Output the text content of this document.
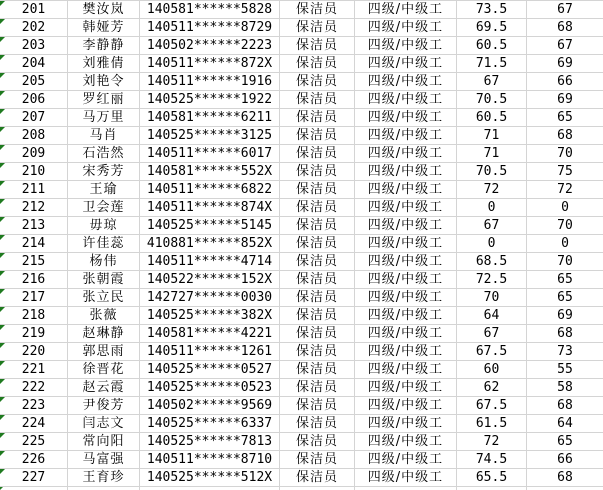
201	樊汝岚	140581******5828	保洁员	四级/中级工	73.5	67
202	韩娅芳	140511******8729	保洁员	四级/中级工	69.5	68
203	李静静	140502******2223	保洁员	四级/中级工	60.5	67
204	刘雅倩	140511******872X	保洁员	四级/中级工	71.5	69
205	刘艳令	140511******1916	保洁员	四级/中级工	67	66
206	罗红丽	140525******1922	保洁员	四级/中级工	70.5	69
207	马万里	140581******6211	保洁员	四级/中级工	60.5	65
208	马肖	140525******3125	保洁员	四级/中级工	71	68
209	石浩然	140511******6017	保洁员	四级/中级工	71	70
210	宋秀芳	140581******552X	保洁员	四级/中级工	70.5	75
211	王瑜	140511******6822	保洁员	四级/中级工	72	72
212	卫会莲	140511******874X	保洁员	四级/中级工	0	0
213	毋琼	140525******5145	保洁员	四级/中级工	67	70
214	许佳蕊	410881******852X	保洁员	四级/中级工	0	0
215	杨伟	140511******4714	保洁员	四级/中级工	68.5	70
216	张朝霞	140522******152X	保洁员	四级/中级工	72.5	65
217	张立民	142727******0030	保洁员	四级/中级工	70	65
218	张薇	140525******382X	保洁员	四级/中级工	64	69
219	赵琳静	140581******4221	保洁员	四级/中级工	67	68
220	郭思雨	140511******1261	保洁员	四级/中级工	67.5	73
221	徐晋花	140525******0527	保洁员	四级/中级工	60	55
222	赵云霞	140525******0523	保洁员	四级/中级工	62	58
223	尹俊芳	140502******9569	保洁员	四级/中级工	67.5	68
224	闫志文	140525******6337	保洁员	四级/中级工	61.5	64
225	常向阳	140525******7813	保洁员	四级/中级工	72	65
226	马富强	140511******8710	保洁员	四级/中级工	74.5	66
227	王育珍	140525******512X	保洁员	四级/中级工	65.5	68
